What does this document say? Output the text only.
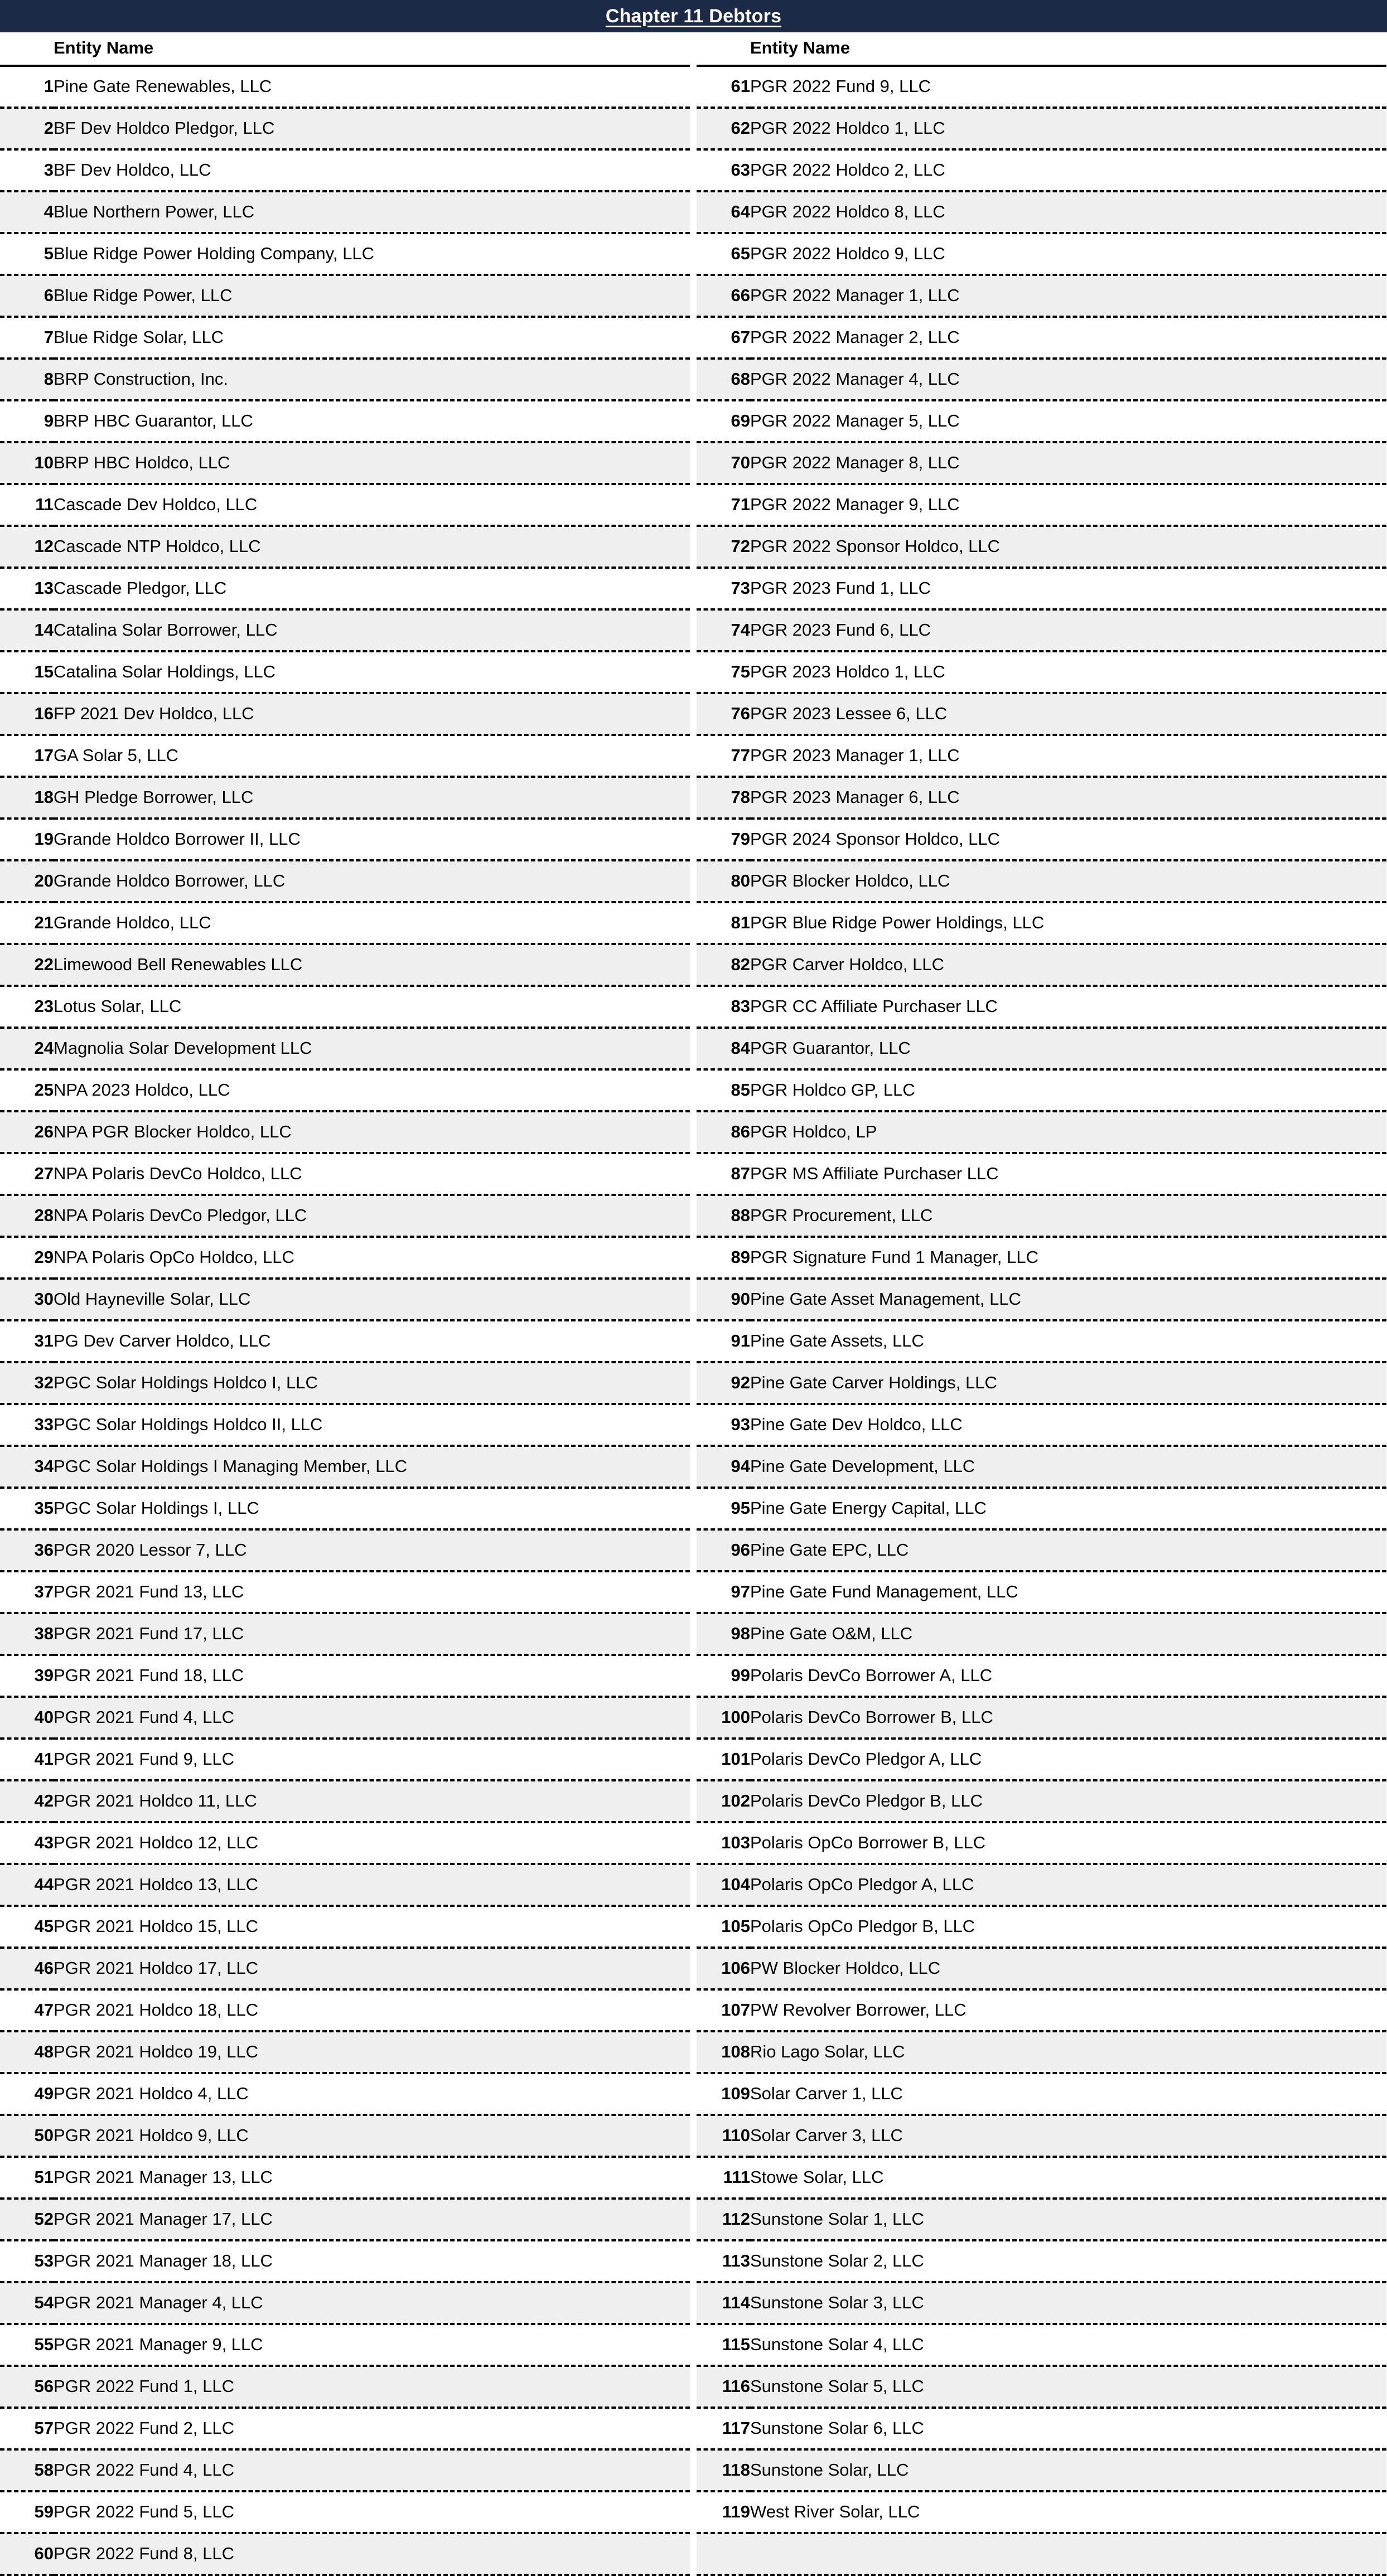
Chapter 11 Debtors
	Entity Name
1	Pine Gate Renewables, LLC
2	BF Dev Holdco Pledgor, LLC
3	BF Dev Holdco, LLC
4	Blue Northern Power, LLC
5	Blue Ridge Power Holding Company, LLC
6	Blue Ridge Power, LLC
7	Blue Ridge Solar, LLC
8	BRP Construction, Inc.
9	BRP HBC Guarantor, LLC
10	BRP HBC Holdco, LLC
11	Cascade Dev Holdco, LLC
12	Cascade NTP Holdco, LLC
13	Cascade Pledgor, LLC
14	Catalina Solar Borrower, LLC
15	Catalina Solar Holdings, LLC
16	FP 2021 Dev Holdco, LLC
17	GA Solar 5, LLC
18	GH Pledge Borrower, LLC
19	Grande Holdco Borrower II, LLC
20	Grande Holdco Borrower, LLC
21	Grande Holdco, LLC
22	Limewood Bell Renewables LLC
23	Lotus Solar, LLC
24	Magnolia Solar Development LLC
25	NPA 2023 Holdco, LLC
26	NPA PGR Blocker Holdco, LLC
27	NPA Polaris DevCo Holdco, LLC
28	NPA Polaris DevCo Pledgor, LLC
29	NPA Polaris OpCo Holdco, LLC
30	Old Hayneville Solar, LLC
31	PG Dev Carver Holdco, LLC
32	PGC Solar Holdings Holdco I, LLC
33	PGC Solar Holdings Holdco II, LLC
34	PGC Solar Holdings I Managing Member, LLC
35	PGC Solar Holdings I, LLC
36	PGR 2020 Lessor 7, LLC
37	PGR 2021 Fund 13, LLC
38	PGR 2021 Fund 17, LLC
39	PGR 2021 Fund 18, LLC
40	PGR 2021 Fund 4, LLC
41	PGR 2021 Fund 9, LLC
42	PGR 2021 Holdco 11, LLC
43	PGR 2021 Holdco 12, LLC
44	PGR 2021 Holdco 13, LLC
45	PGR 2021 Holdco 15, LLC
46	PGR 2021 Holdco 17, LLC
47	PGR 2021 Holdco 18, LLC
48	PGR 2021 Holdco 19, LLC
49	PGR 2021 Holdco 4, LLC
50	PGR 2021 Holdco 9, LLC
51	PGR 2021 Manager 13, LLC
52	PGR 2021 Manager 17, LLC
53	PGR 2021 Manager 18, LLC
54	PGR 2021 Manager 4, LLC
55	PGR 2021 Manager 9, LLC
56	PGR 2022 Fund 1, LLC
57	PGR 2022 Fund 2, LLC
58	PGR 2022 Fund 4, LLC
59	PGR 2022 Fund 5, LLC
60	PGR 2022 Fund 8, LLC
	Entity Name
61	PGR 2022 Fund 9, LLC
62	PGR 2022 Holdco 1, LLC
63	PGR 2022 Holdco 2, LLC
64	PGR 2022 Holdco 8, LLC
65	PGR 2022 Holdco 9, LLC
66	PGR 2022 Manager 1, LLC
67	PGR 2022 Manager 2, LLC
68	PGR 2022 Manager 4, LLC
69	PGR 2022 Manager 5, LLC
70	PGR 2022 Manager 8, LLC
71	PGR 2022 Manager 9, LLC
72	PGR 2022 Sponsor Holdco, LLC
73	PGR 2023 Fund 1, LLC
74	PGR 2023 Fund 6, LLC
75	PGR 2023 Holdco 1, LLC
76	PGR 2023 Lessee 6, LLC
77	PGR 2023 Manager 1, LLC
78	PGR 2023 Manager 6, LLC
79	PGR 2024 Sponsor Holdco, LLC
80	PGR Blocker Holdco, LLC
81	PGR Blue Ridge Power Holdings, LLC
82	PGR Carver Holdco, LLC
83	PGR CC Affiliate Purchaser LLC
84	PGR Guarantor, LLC
85	PGR Holdco GP, LLC
86	PGR Holdco, LP
87	PGR MS Affiliate Purchaser LLC
88	PGR Procurement, LLC
89	PGR Signature Fund 1 Manager, LLC
90	Pine Gate Asset Management, LLC
91	Pine Gate Assets, LLC
92	Pine Gate Carver Holdings, LLC
93	Pine Gate Dev Holdco, LLC
94	Pine Gate Development, LLC
95	Pine Gate Energy Capital, LLC
96	Pine Gate EPC, LLC
97	Pine Gate Fund Management, LLC
98	Pine Gate O&M, LLC
99	Polaris DevCo Borrower A, LLC
100	Polaris DevCo Borrower B, LLC
101	Polaris DevCo Pledgor A, LLC
102	Polaris DevCo Pledgor B, LLC
103	Polaris OpCo Borrower B, LLC
104	Polaris OpCo Pledgor A, LLC
105	Polaris OpCo Pledgor B, LLC
106	PW Blocker Holdco, LLC
107	PW Revolver Borrower, LLC
108	Rio Lago Solar, LLC
109	Solar Carver 1, LLC
110	Solar Carver 3, LLC
111	Stowe Solar, LLC
112	Sunstone Solar 1, LLC
113	Sunstone Solar 2, LLC
114	Sunstone Solar 3, LLC
115	Sunstone Solar 4, LLC
116	Sunstone Solar 5, LLC
117	Sunstone Solar 6, LLC
118	Sunstone Solar, LLC
119	West River Solar, LLC
